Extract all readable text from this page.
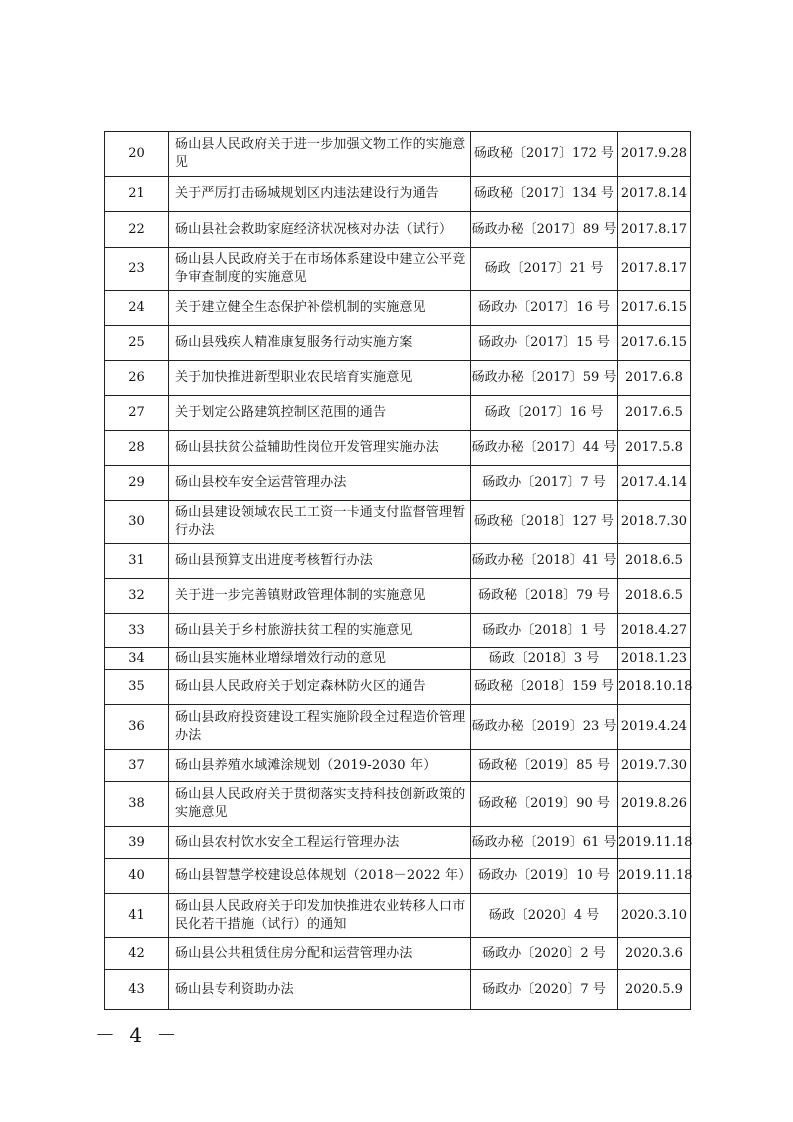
20	砀山县人民政府关于进一步加强文物工作的实施意见	砀政秘〔2017〕172 号	2017.9.28
21	关于严厉打击砀城规划区内违法建设行为通告	砀政秘〔2017〕134 号	2017.8.14
22	砀山县社会救助家庭经济状况核对办法（试行）	砀政办秘〔2017〕89 号	2017.8.17
23	砀山县人民政府关于在市场体系建设中建立公平竞争审查制度的实施意见	砀政〔2017〕21 号	2017.8.17
24	关于建立健全生态保护补偿机制的实施意见	砀政办〔2017〕16 号	2017.6.15
25	砀山县残疾人精准康复服务行动实施方案	砀政办〔2017〕15 号	2017.6.15
26	关于加快推进新型职业农民培育实施意见	砀政办秘〔2017〕59 号	2017.6.8
27	关于划定公路建筑控制区范围的通告	砀政〔2017〕16 号	2017.6.5
28	砀山县扶贫公益辅助性岗位开发管理实施办法	砀政办秘〔2017〕44 号	2017.5.8
29	砀山县校车安全运营管理办法	砀政办〔2017〕7 号	2017.4.14
30	砀山县建设领域农民工工资一卡通支付监督管理暂行办法	砀政秘〔2018〕127 号	2018.7.30
31	砀山县预算支出进度考核暂行办法	砀政办秘〔2018〕41 号	2018.6.5
32	关于进一步完善镇财政管理体制的实施意见	砀政秘〔2018〕79 号	2018.6.5
33	砀山县关于乡村旅游扶贫工程的实施意见	砀政办〔2018〕1 号	2018.4.27
34	砀山县实施林业增绿增效行动的意见	砀政〔2018〕3 号	2018.1.23
35	砀山县人民政府关于划定森林防火区的通告	砀政秘〔2018〕159 号	2018.10.18
36	砀山县政府投资建设工程实施阶段全过程造价管理办法	砀政办秘〔2019〕23 号	2019.4.24
37	砀山县养殖水域滩涂规划（2019-2030 年）	砀政秘〔2019〕85 号	2019.7.30
38	砀山县人民政府关于贯彻落实支持科技创新政策的实施意见	砀政秘〔2019〕90 号	2019.8.26
39	砀山县农村饮水安全工程运行管理办法	砀政办秘〔2019〕61 号	2019.11.18
40	砀山县智慧学校建设总体规划（2018－2022 年）	砀政办〔2019〕10 号	2019.11.18
41	砀山县人民政府关于印发加快推进农业转移人口市民化若干措施（试行）的通知	砀政〔2020〕4 号	2020.3.10
42	砀山县公共租赁住房分配和运营管理办法	砀政办〔2020〕2 号	2020.3.6
43	砀山县专利资助办法	砀政办〔2020〕7 号	2020.5.9
－ 4 －
